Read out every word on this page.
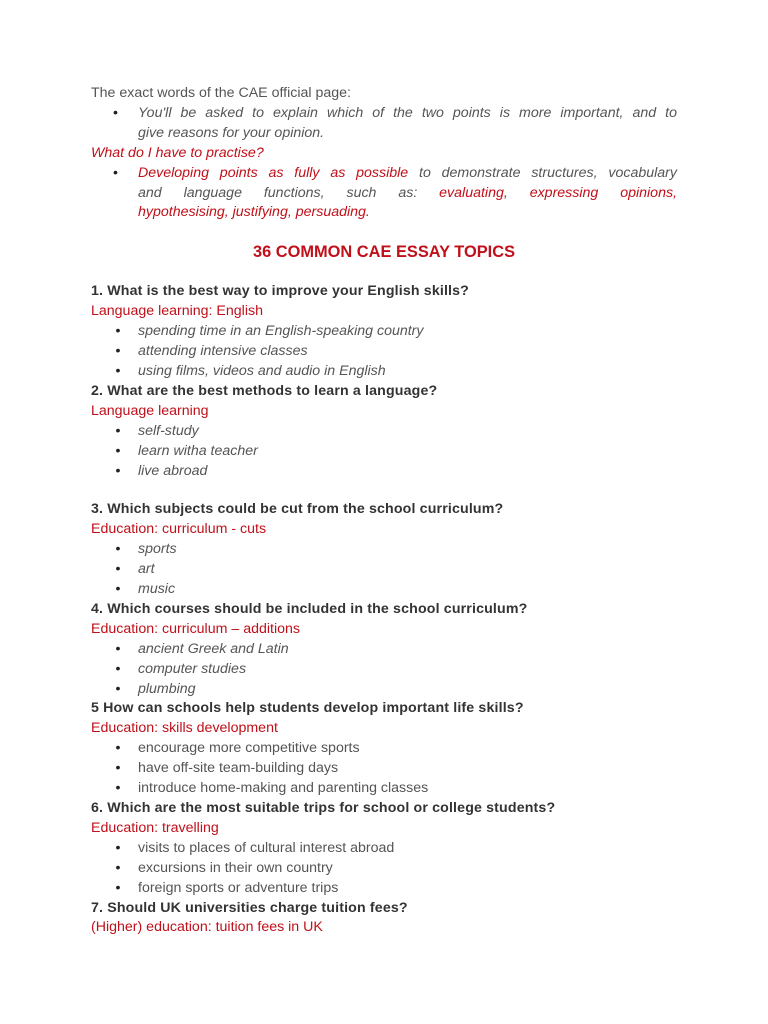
The exact words of the CAE official page:

•	You'll be asked to explain which of the two points is more important, and to
give reasons for your opinion.

What do I have to practise?

•	Developing points as fully as possible to demonstrate structures, vocabulary
and language functions, such as: evaluating, expressing opinions,
hypothesising, justifying, persuading.
36 COMMON CAE ESSAY TOPICS

1. What is the best way to improve your English skills?

Language learning: English

• spending time in an English-speaking country
• attending intensive classes
• using films, videos and audio in English

2. What are the best methods to learn a language?

Language learning

• self-study
• learn witha teacher
• live abroad

3. Which subjects could be cut from the school curriculum?

Education: curriculum - cuts

• sports
• art
• music

4. Which courses should be included in the school curriculum?

Education: curriculum – additions

• ancient Greek and Latin
• computer studies
• plumbing

5 How can schools help students develop important life skills?

Education: skills development

• encourage more competitive sports
• have off-site team-building days
• introduce home-making and parenting classes

6. Which are the most suitable trips for school or college students?

Education: travelling

• visits to places of cultural interest abroad
• excursions in their own country
• foreign sports or adventure trips

7. Should UK universities charge tuition fees?

(Higher) education: tuition fees in UK
